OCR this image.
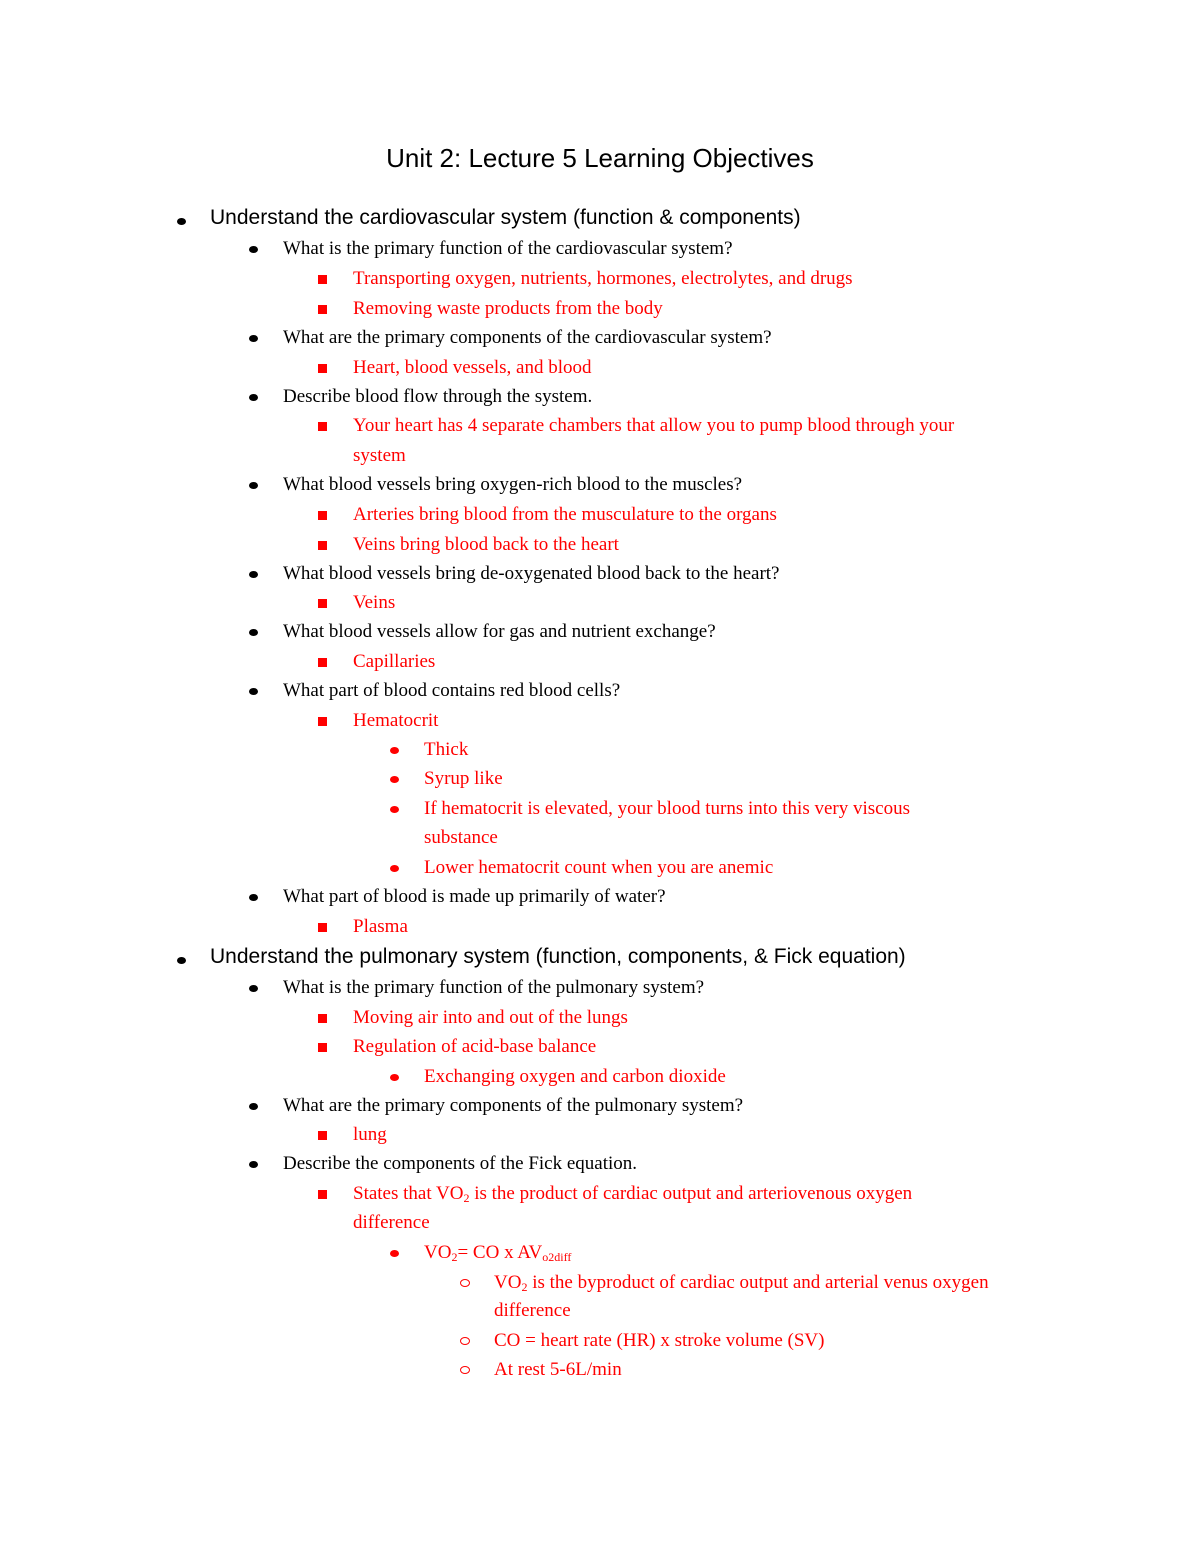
Unit 2: Lecture 5 Learning Objectives
Understand the cardiovascular system (function & components)
What is the primary function of the cardiovascular system?
Transporting oxygen, nutrients, hormones, electrolytes, and drugs
Removing waste products from the body
What are the primary components of the cardiovascular system?
Heart, blood vessels, and blood
Describe blood flow through the system.
Your heart has 4 separate chambers that allow you to pump blood through your
system
What blood vessels bring oxygen-rich blood to the muscles?
Arteries bring blood from the musculature to the organs
Veins bring blood back to the heart
What blood vessels bring de-oxygenated blood back to the heart?
Veins
What blood vessels allow for gas and nutrient exchange?
Capillaries
What part of blood contains red blood cells?
Hematocrit
Thick
Syrup like
If hematocrit is elevated, your blood turns into this very viscous
substance
Lower hematocrit count when you are anemic
What part of blood is made up primarily of water?
Plasma
Understand the pulmonary system (function, components, & Fick equation)
What is the primary function of the pulmonary system?
Moving air into and out of the lungs
Regulation of acid-base balance
Exchanging oxygen and carbon dioxide
What are the primary components of the pulmonary system?
lung
Describe the components of the Fick equation.
States that $VO_2$ is the product of cardiac output and arteriovenous oxygen
difference
$VO_2=$ CO x $AV_{o2diff}$
$VO_2$ is the byproduct of cardiac output and arterial venus oxygen
difference
CO = heart rate (HR) x stroke volume (SV)
At rest 5-6L/min
